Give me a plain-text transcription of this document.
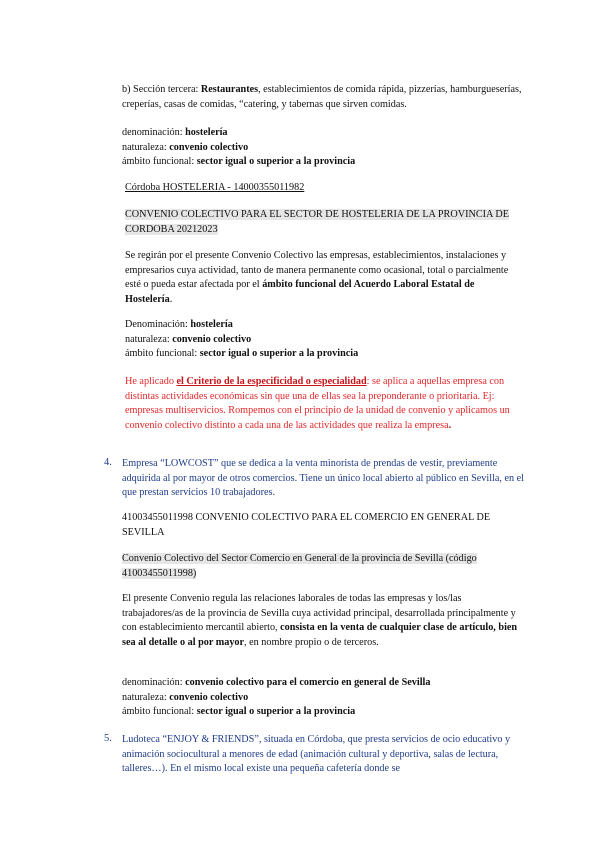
b) Sección tercera: Restaurantes, establecimientos de comida rápida, pizzerías, hamburgueserías, creperías, casas de comidas, “catering, y tabernas que sirven comidas.
denominación: hostelería
naturaleza: convenio colectivo
ámbito funcional: sector igual o superior a la provincia
Córdoba HOSTELERIA - 14000355011982
CONVENIO COLECTIVO PARA EL SECTOR DE HOSTELERIA DE LA PROVINCIA DE CORDOBA 20212023
Se regirán por el presente Convenio Colectivo las empresas, establecimientos, instalaciones y empresarios cuya actividad, tanto de manera permanente como ocasional, total o parcialmente esté o pueda estar afectada por el ámbito funcional del Acuerdo Laboral Estatal de Hostelería.
Denominación: hostelería
naturaleza: convenio colectivo
ámbito funcional: sector igual o superior a la provincia
He aplicado el Criterio de la especificidad o especialidad: se aplica a aquellas empresa con distintas actividades económicas sin que una de ellas sea la preponderante o prioritaria. Ej: empresas multiservicios. Rompemos con el principio de la unidad de convenio y aplicamos un convenio colectivo distinto a cada una de las actividades que realiza la empresa.
4. Empresa “LOWCOST” que se dedica a la venta minorista de prendas de vestir, previamente adquirida al por mayor de otros comercios. Tiene un único local abierto al público en Sevilla, en el que prestan servicios 10 trabajadores.
41003455011998 CONVENIO COLECTIVO PARA EL COMERCIO EN GENERAL DE SEVILLA
Convenio Colectivo del Sector Comercio en General de la provincia de Sevilla (código 41003455011998)
El presente Convenio regula las relaciones laborales de todas las empresas y los/las trabajadores/as de la provincia de Sevilla cuya actividad principal, desarrollada principalmente y con establecimiento mercantil abierto, consista en la venta de cualquier clase de artículo, bien sea al detalle o al por mayor, en nombre propio o de terceros.
denominación: convenio colectivo para el comercio en general de Sevilla
naturaleza: convenio colectivo
ámbito funcional: sector igual o superior a la provincia
5. Ludoteca “ENJOY & FRIENDS”, situada en Córdoba, que presta servicios de ocio educativo y animación sociocultural a menores de edad (animación cultural y deportiva, salas de lectura, talleres…). En el mismo local existe una pequeña cafetería donde se
